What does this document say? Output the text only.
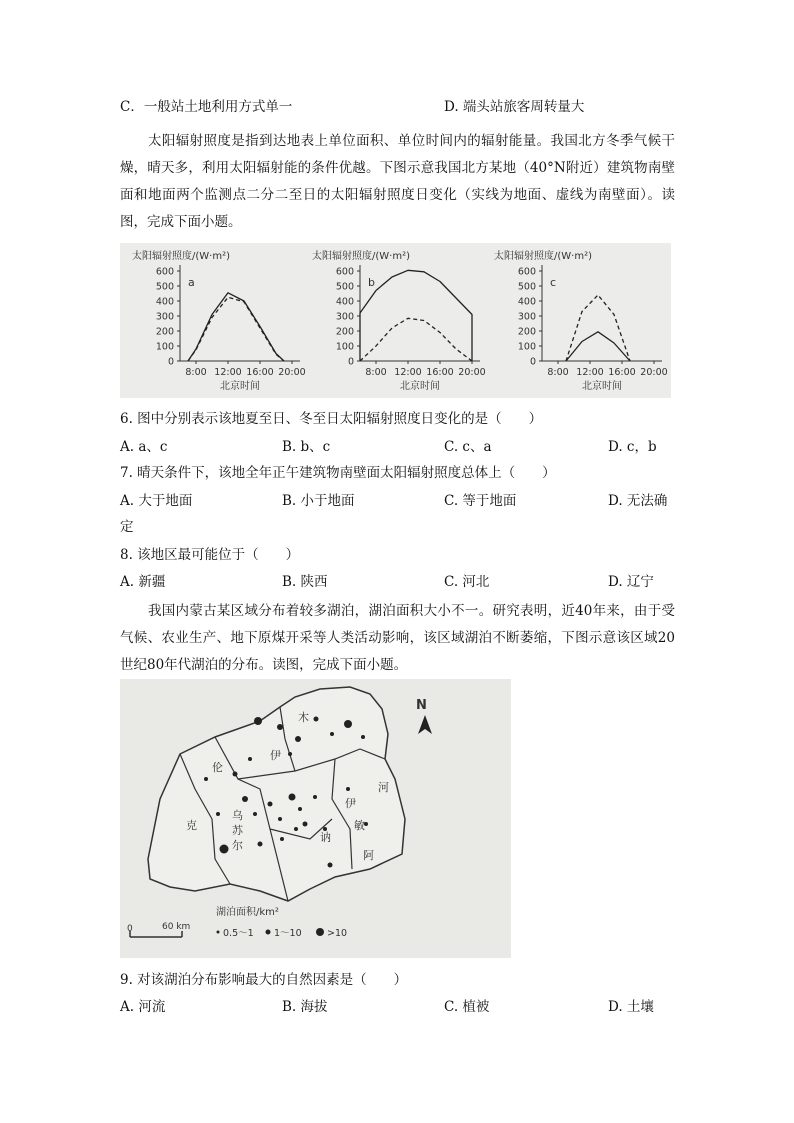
C．一般站土地利用方式单一	D. 端头站旅客周转量大
太阳辐射照度是指到达地表上单位面积、单位时间内的辐射能量。我国北方冬季气候干燥，晴天多，利用太阳辐射能的条件优越。下图示意我国北方某地（40°N附近）建筑物南壁面和地面两个监测点二分二至日的太阳辐射照度日变化（实线为地面、虚线为南壁面）。读图，完成下面小题。
太阳辐射照度/(W·m²)
0
100
200
300
400
500
600
8:00 12:00 16:00 20:00
北京时间
a
太阳辐射照度/(W·m²)
0
100
200
300
400
500
600
8:00 12:00 16:00 20:00
北京时间
b
太阳辐射照度/(W·m²)
0
100
200
300
400
500
600
8:00 12:00 16:00 20:00
北京时间
c
6. 图中分别表示该地夏至日、冬至日太阳辐射照度日变化的是（　　）
A. a、c	B. b、c	C. c、a	D. c，b
7. 晴天条件下，该地全年正午建筑物南壁面太阳辐射照度总体上（　　）
A. 大于地面	B. 小于地面	C. 等于地面	D. 无法确
定
8. 该地区最可能位于（　　）
A. 新疆	B. 陕西	C. 河北	D. 辽宁
我国内蒙古某区域分布着较多湖泊，湖泊面积大小不一。研究表明，近40年来，由于受气候、农业生产、地下原煤开采等人类活动影响，该区域湖泊不断萎缩，下图示意该区域20世纪80年代湖泊的分布。读图，完成下面小题。
伦
克
乌
苏
木
伊
敏
河
阿
尔
伊
讷
N
0	60 km
湖泊面积/km²
0.5～1 1～10	>10
9. 对该湖泊分布影响最大的自然因素是（　　）
A. 河流	B. 海拔	C. 植被	D. 土壤
